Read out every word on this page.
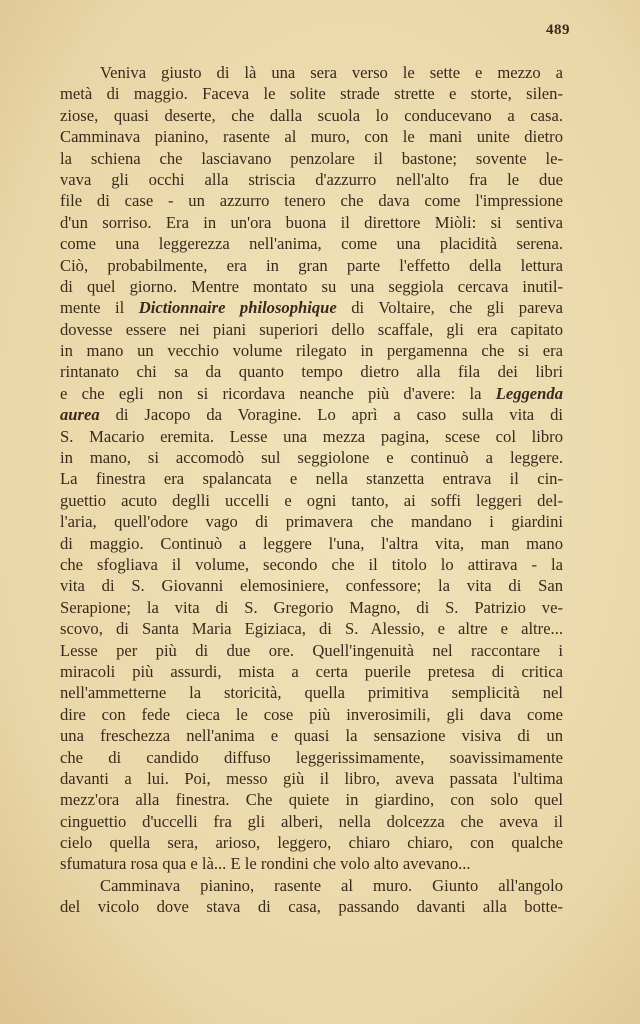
489
Veniva giusto di là una sera verso le sette e mezzo a
metà di maggio. Faceva le solite strade strette e storte, silen-
ziose, quasi deserte, che dalla scuola lo conducevano a casa.
Camminava pianino, rasente al muro, con le mani unite dietro
la schiena che lasciavano penzolare il bastone; sovente le-
vava gli occhi alla striscia d'azzurro nell'alto fra le due
file di case - un azzurro tenero che dava come l'impressione
d'un sorriso. Era in un'ora buona il direttore Miòli: si sentiva
come una leggerezza nell'anima, come una placidità serena.
Ciò, probabilmente, era in gran parte l'effetto della lettura
di quel giorno. Mentre montato su una seggiola cercava inutil-
mente il Dictionnaire philosophique di Voltaire, che gli pareva
dovesse essere nei piani superiori dello scaffale, gli era capitato
in mano un vecchio volume rilegato in pergamenna che si era
rintanato chi sa da quanto tempo dietro alla fila dei libri
e che egli non si ricordava neanche più d'avere: la Leggenda
aurea di Jacopo da Voragine. Lo aprì a caso sulla vita di
S. Macario eremita. Lesse una mezza pagina, scese col libro
in mano, si accomodò sul seggiolone e continuò a leggere.
La finestra era spalancata e nella stanzetta entrava il cin-
guettio acuto deglli uccelli e ogni tanto, ai soffi leggeri del-
l'aria, quell'odore vago di primavera che mandano i giardini
di maggio. Continuò a leggere l'una, l'altra vita, man mano
che sfogliava il volume, secondo che il titolo lo attirava - la
vita di S. Giovanni elemosiniere, confessore; la vita di San
Serapione; la vita di S. Gregorio Magno, di S. Patrizio ve-
scovo, di Santa Maria Egiziaca, di S. Alessio, e altre e altre...
Lesse per più di due ore. Quell'ingenuità nel raccontare i
miracoli più assurdi, mista a certa puerile pretesa di critica
nell'ammetterne la storicità, quella primitiva semplicità nel
dire con fede cieca le cose più inverosimili, gli dava come
una freschezza nell'anima e quasi la sensazione visiva di un
che di candido diffuso leggerissimamente, soavissimamente
davanti a lui. Poi, messo giù il libro, aveva passata l'ultima
mezz'ora alla finestra. Che quiete in giardino, con solo quel
cinguettio d'uccelli fra gli alberi, nella dolcezza che aveva il
cielo quella sera, arioso, leggero, chiaro chiaro, con qualche
sfumatura rosa qua e là... E le rondini che volo alto avevano...
Camminava pianino, rasente al muro. Giunto all'angolo
del vicolo dove stava di casa, passando davanti alla botte-
